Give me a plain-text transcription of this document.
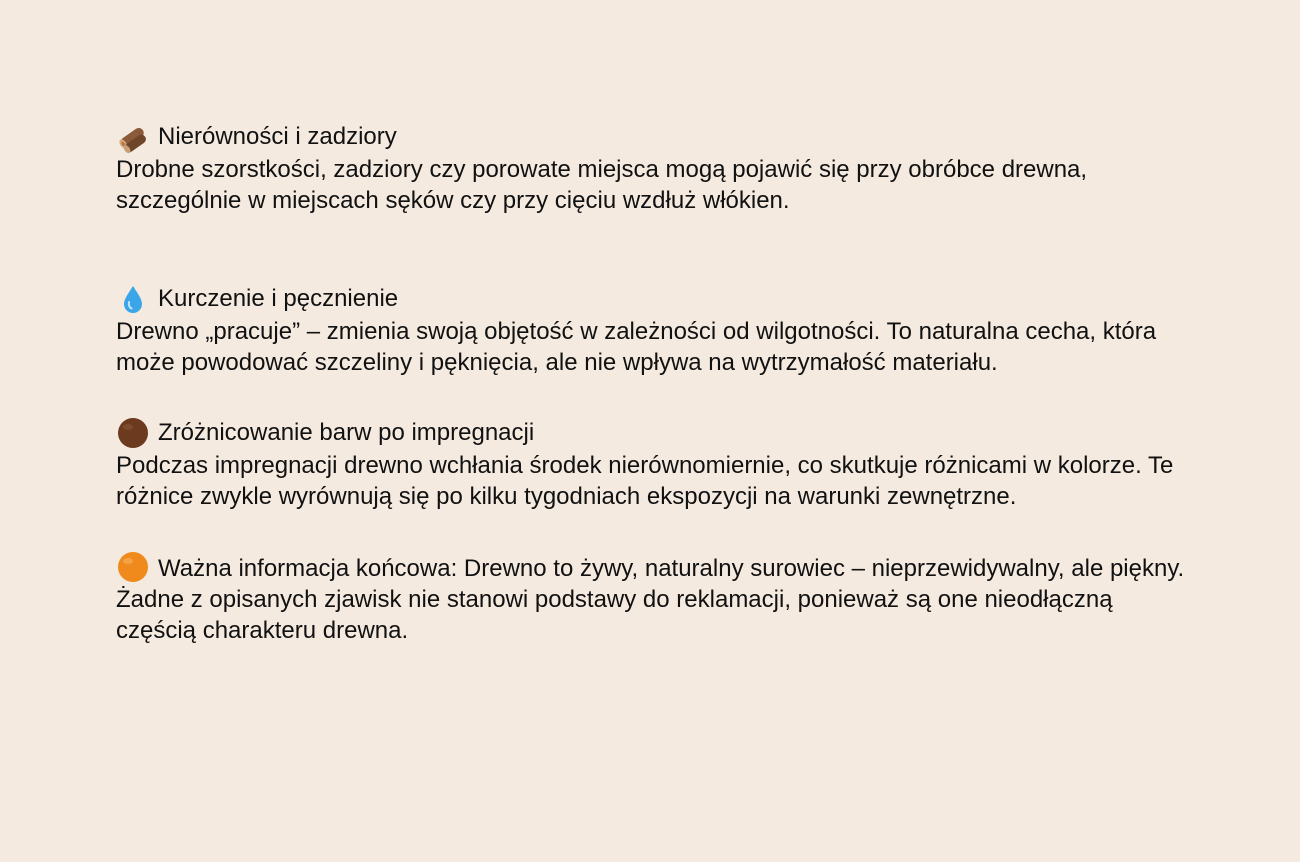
Nierówności i zadziory

Drobne szorstkości, zadziory czy porowate miejsca mogą pojawić się przy obróbce drewna, szczególnie w miejscach sęków czy przy cięciu wzdłuż włókien.

Kurczenie i pęcznienie

Drewno „pracuje” – zmienia swoją objętość w zależności od wilgotności. To naturalna cecha, która może powodować szczeliny i pęknięcia, ale nie wpływa na wytrzymałość materiału.

Zróżnicowanie barw po impregnacji

Podczas impregnacji drewno wchłania środek nierównomiernie, co skutkuje różnicami w kolorze. Te różnice zwykle wyrównują się po kilku tygodniach ekspozycji na warunki zewnętrzne.

Ważna informacja końcowa: Drewno to żywy, naturalny surowiec – nieprzewidywalny, ale piękny. Żadne z opisanych zjawisk nie stanowi podstawy do reklamacji, ponieważ są one nieodłączną częścią charakteru drewna.
